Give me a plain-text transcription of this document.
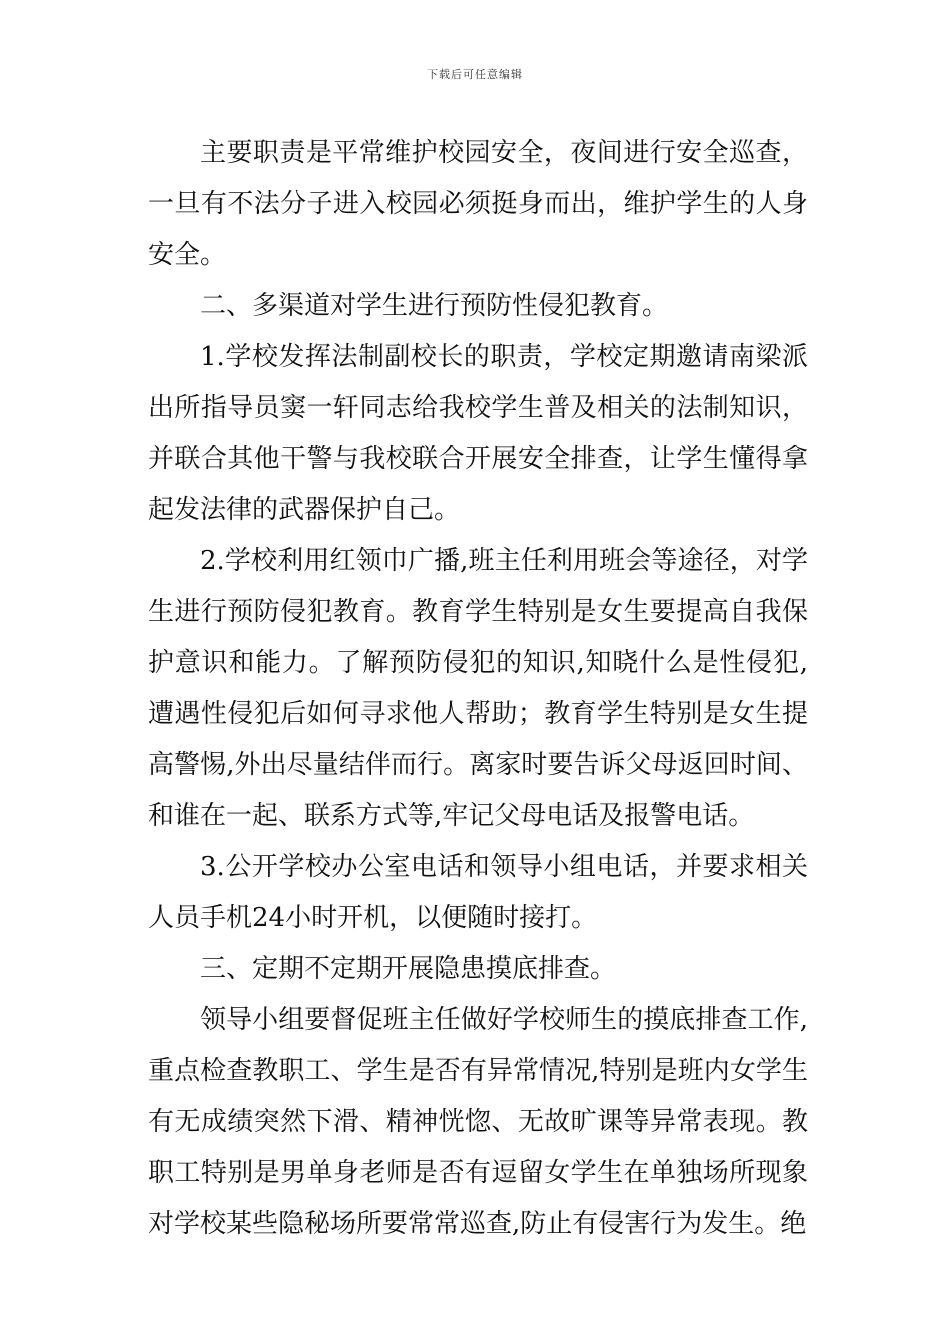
下载后可任意编辑

主要职责是平常维护校园安全，夜间进行安全巡查，一旦有不法分子进入校园必须挺身而出，维护学生的人身安全。

二、多渠道对学生进行预防性侵犯教育。

1.学校发挥法制副校长的职责，学校定期邀请南梁派出所指导员窦一轩同志给我校学生普及相关的法制知识，并联合其他干警与我校联合开展安全排查，让学生懂得拿起发法律的武器保护自己。

2.学校利用红领巾广播,班主任利用班会等途径，对学生进行预防侵犯教育。教育学生特别是女生要提高自我保护意识和能力。了解预防侵犯的知识,知晓什么是性侵犯,遭遇性侵犯后如何寻求他人帮助；教育学生特别是女生提高警惕,外出尽量结伴而行。离家时要告诉父母返回时间、和谁在一起、联系方式等,牢记父母电话及报警电话。

3.公开学校办公室电话和领导小组电话，并要求相关人员手机24小时开机，以便随时接打。

三、定期不定期开展隐患摸底排查。

领导小组要督促班主任做好学校师生的摸底排查工作,重点检查教职工、学生是否有异常情况,特别是班内女学生有无成绩突然下滑、精神恍惚、无故旷课等异常表现。教职工特别是男单身老师是否有逗留女学生在单独场所现象对学校某些隐秘场所要常常巡查,防止有侵害行为发生。绝
